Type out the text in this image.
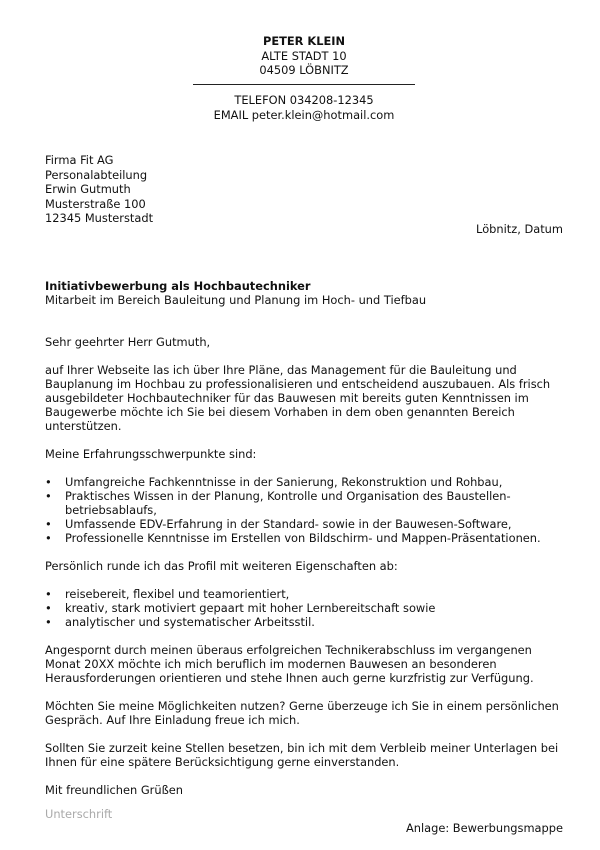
PETER KLEIN
ALTE STADT 10
04509 LÖBNITZ
TELEFON 034208-12345
EMAIL peter.klein@hotmail.com
Firma Fit AG
Personalabteilung
Erwin Gutmuth
Musterstraße 100
12345 Musterstadt
Löbnitz, Datum
Initiativbewerbung als Hochbautechniker
Mitarbeit im Bereich Bauleitung und Planung im Hoch- und Tiefbau

Sehr geehrter Herr Gutmuth,

auf Ihrer Webseite las ich über Ihre Pläne, das Management für die Bauleitung und Bauplanung im Hochbau zu professionalisieren und entscheidend auszubauen. Als frisch ausgebildeter Hochbautechniker für das Bauwesen mit bereits guten Kenntnissen im Baugewerbe möchte ich Sie bei diesem Vorhaben in dem oben genannten Bereich unterstützen.

Meine Erfahrungsschwerpunkte sind:

• Umfangreiche Fachkenntnisse in der Sanierung, Rekonstruktion und Rohbau,
• Praktisches Wissen in der Planung, Kontrolle und Organisation des Baustellen-betriebsablaufs,
• Umfassende EDV-Erfahrung in der Standard- sowie in der Bauwesen-Software,
• Professionelle Kenntnisse im Erstellen von Bildschirm- und Mappen-Präsentationen.

Persönlich runde ich das Profil mit weiteren Eigenschaften ab:

• reisebereit, flexibel und teamorientiert,
• kreativ, stark motiviert gepaart mit hoher Lernbereitschaft sowie
• analytischer und systematischer Arbeitsstil.

Angespornt durch meinen überaus erfolgreichen Technikerabschluss im vergangenen Monat 20XX möchte ich mich beruflich im modernen Bauwesen an besonderen Herausforderungen orientieren und stehe Ihnen auch gerne kurzfristig zur Verfügung.

Möchten Sie meine Möglichkeiten nutzen? Gerne überzeuge ich Sie in einem persönlichen Gespräch. Auf Ihre Einladung freue ich mich.

Sollten Sie zurzeit keine Stellen besetzen, bin ich mit dem Verbleib meiner Unterlagen bei Ihnen für eine spätere Berücksichtigung gerne einverstanden.

Mit freundlichen Grüßen

Unterschrift
Anlage: Bewerbungsmappe
